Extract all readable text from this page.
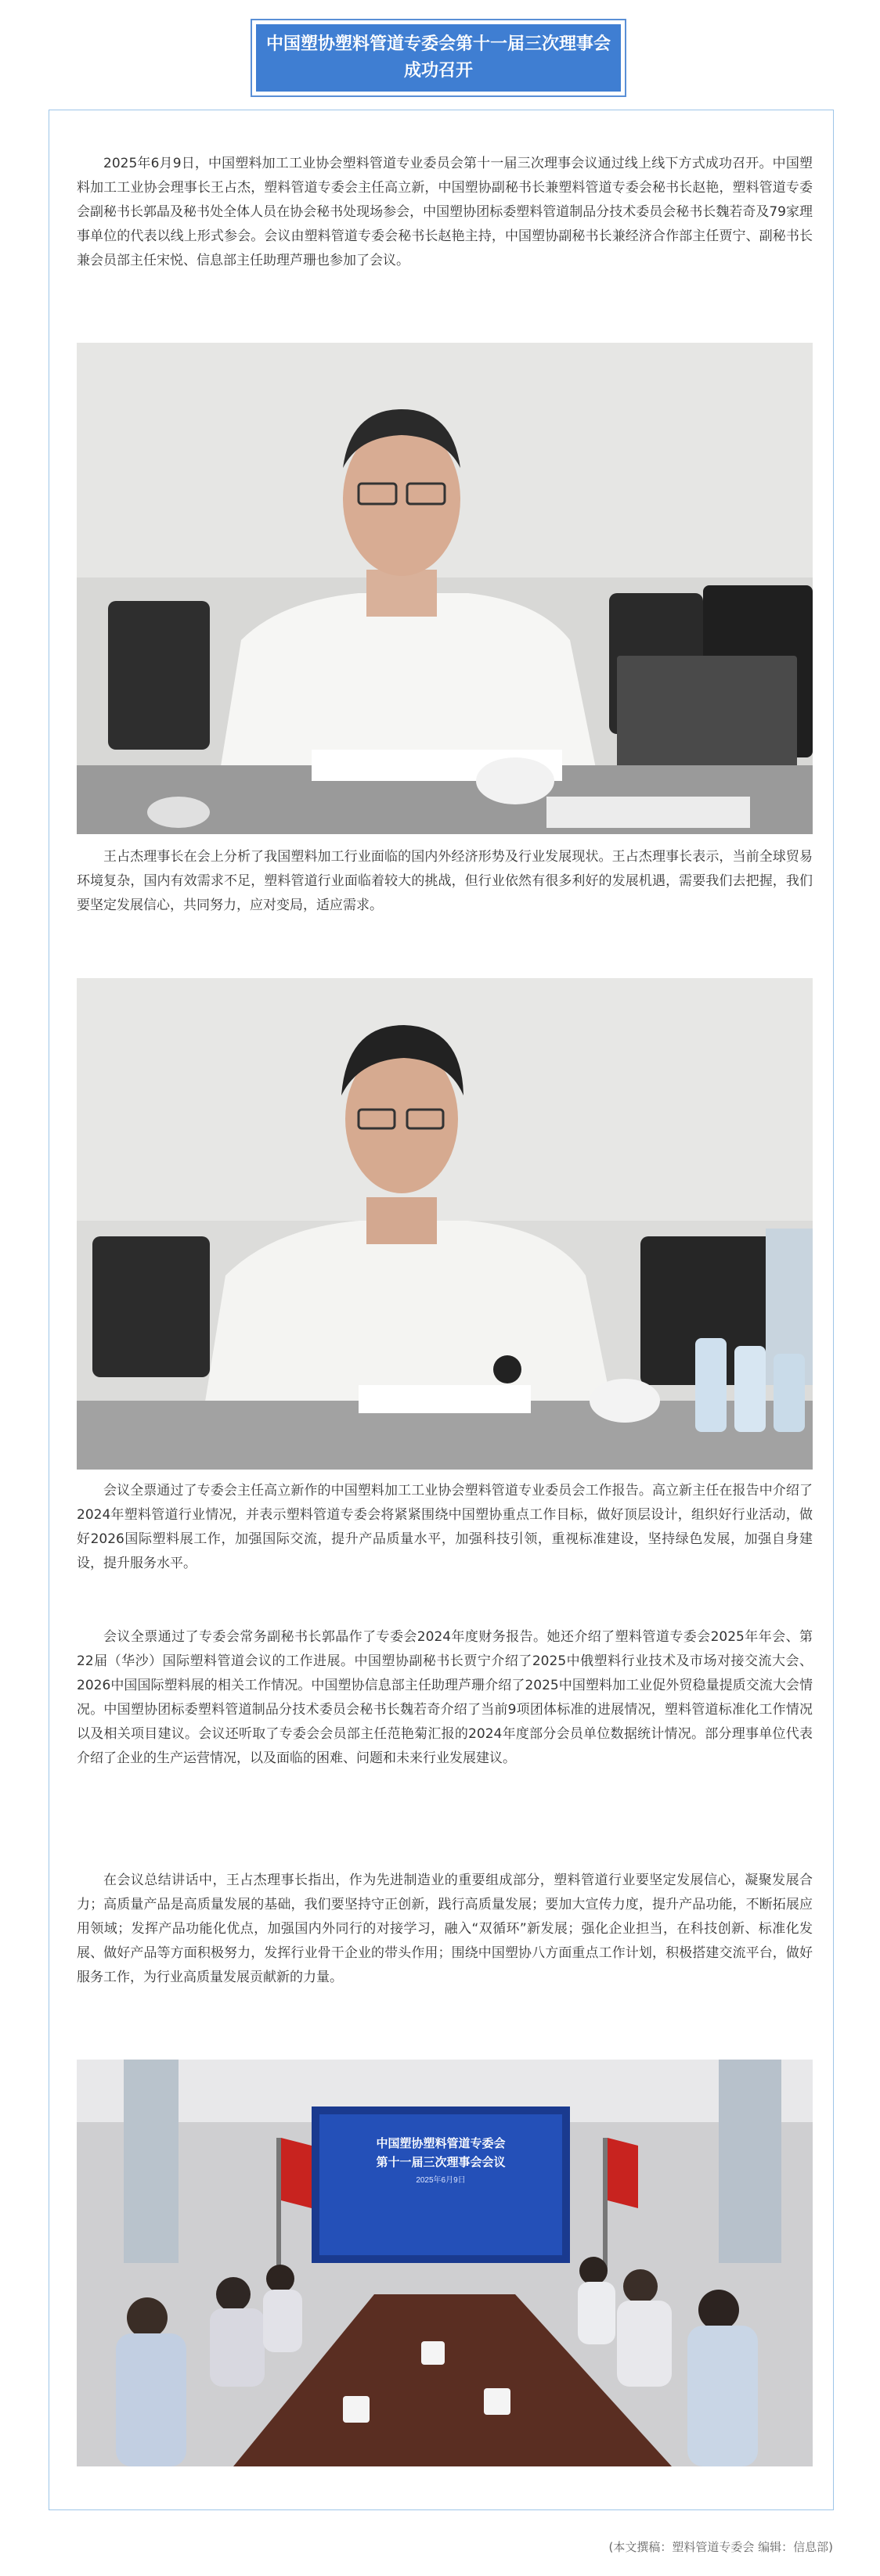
中国塑协塑料管道专委会第十一届三次理事会
成功召开

2025年6月9日，中国塑料加工工业协会塑料管道专业委员会第十一届三次理事会议通过线上线下方式成功召开。中国塑料加工工业协会理事长王占杰，塑料管道专委会主任高立新，中国塑协副秘书长兼塑料管道专委会秘书长赵艳，塑料管道专委会副秘书长郭晶及秘书处全体人员在协会秘书处现场参会，中国塑协团标委塑料管道制品分技术委员会秘书长魏若奇及79家理事单位的代表以线上形式参会。会议由塑料管道专委会秘书长赵艳主持，中国塑协副秘书长兼经济合作部主任贾宁、副秘书长兼会员部主任宋悦、信息部主任助理芦珊也参加了会议。

王占杰理事长在会上分析了我国塑料加工行业面临的国内外经济形势及行业发展现状。王占杰理事长表示，当前全球贸易环境复杂，国内有效需求不足，塑料管道行业面临着较大的挑战，但行业依然有很多利好的发展机遇，需要我们去把握，我们要坚定发展信心，共同努力，应对变局，适应需求。

会议全票通过了专委会主任高立新作的中国塑料加工工业协会塑料管道专业委员会工作报告。高立新主任在报告中介绍了2024年塑料管道行业情况，并表示塑料管道专委会将紧紧围绕中国塑协重点工作目标，做好顶层设计，组织好行业活动，做好2026国际塑料展工作，加强国际交流，提升产品质量水平，加强科技引领，重视标准建设，坚持绿色发展，加强自身建设，提升服务水平。

会议全票通过了专委会常务副秘书长郭晶作了专委会2024年度财务报告。她还介绍了塑料管道专委会2025年年会、第22届（华沙）国际塑料管道会议的工作进展。中国塑协副秘书长贾宁介绍了2025中俄塑料行业技术及市场对接交流大会、2026中国国际塑料展的相关工作情况。中国塑协信息部主任助理芦珊介绍了2025中国塑料加工业促外贸稳量提质交流大会情况。中国塑协团标委塑料管道制品分技术委员会秘书长魏若奇介绍了当前9项团体标准的进展情况，塑料管道标准化工作情况以及相关项目建议。会议还听取了专委会会员部主任范艳菊汇报的2024年度部分会员单位数据统计情况。部分理事单位代表介绍了企业的生产运营情况，以及面临的困难、问题和未来行业发展建议。

在会议总结讲话中，王占杰理事长指出，作为先进制造业的重要组成部分，塑料管道行业要坚定发展信心，凝聚发展合力；高质量产品是高质量发展的基础，我们要坚持守正创新，践行高质量发展；要加大宣传力度，提升产品功能，不断拓展应用领域；发挥产品功能化优点，加强国内外同行的对接学习，融入“双循环”新发展；强化企业担当，在科技创新、标准化发展、做好产品等方面积极努力，发挥行业骨干企业的带头作用；围绕中国塑协八方面重点工作计划，积极搭建交流平台，做好服务工作，为行业高质量发展贡献新的力量。

中国塑协塑料管道专委会
第十一届三次理事会会议
2025年6月9日
(本文撰稿：塑料管道专委会 编辑：信息部)
